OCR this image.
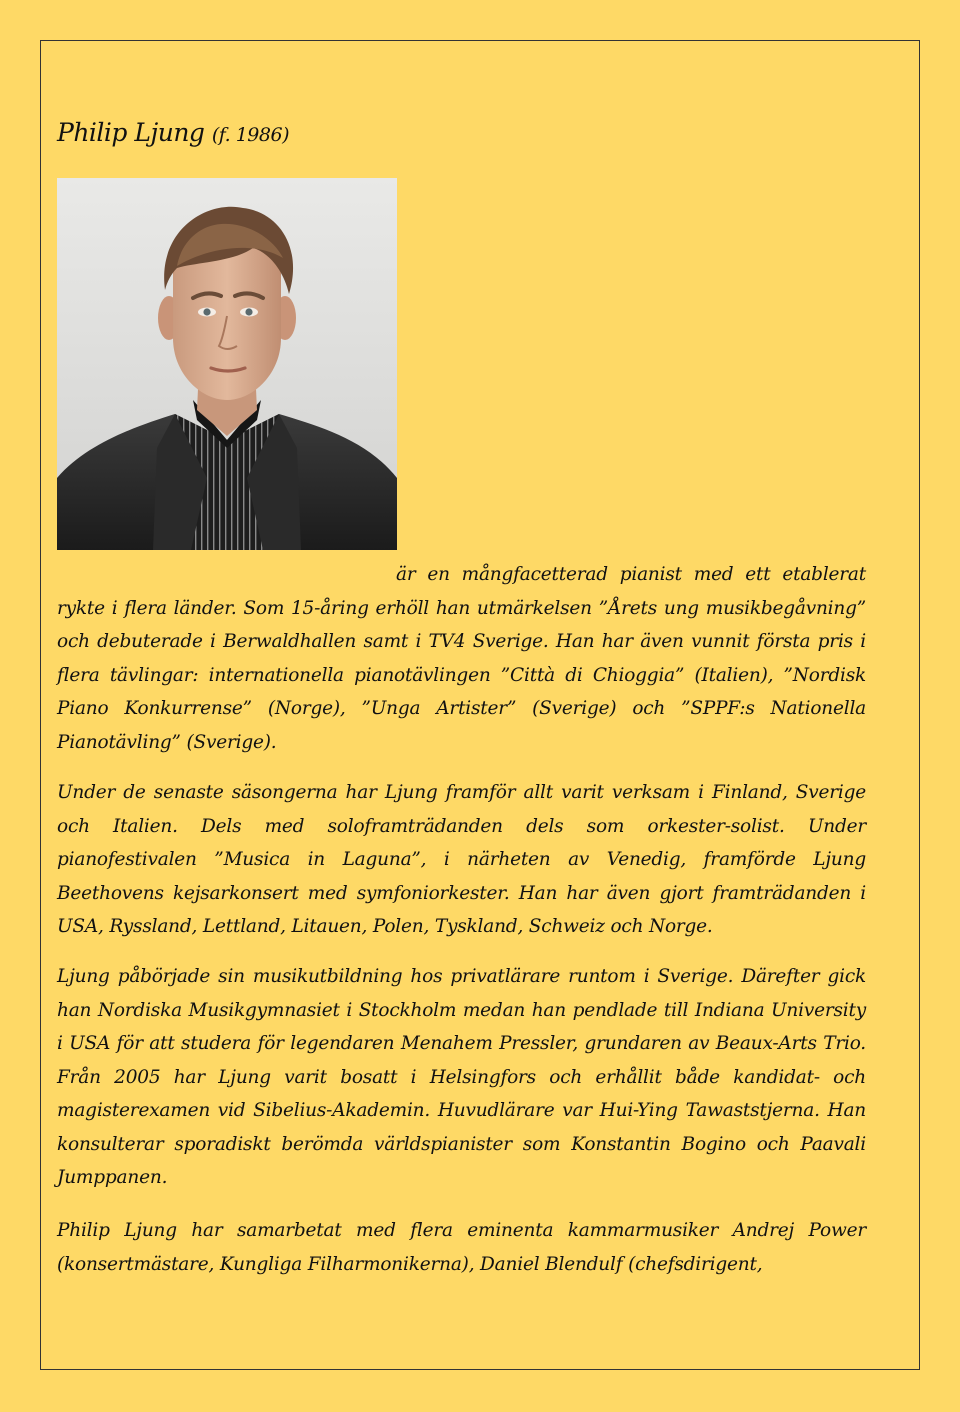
Philip Ljung (f. 1986)

är en mångfacetterad pianist med ett etablerat rykte i flera länder. Som 15-åring erhöll han utmärkelsen ”Årets ung musikbegåvning” och debuterade i Berwaldhallen samt i TV4 Sverige. Han har även vunnit första pris i flera tävlingar: internationella pianotävlingen ”Città di Chioggia” (Italien), ”Nordisk Piano Konkurrense” (Norge), ”Unga Artister” (Sverige) och ”SPPF:s Nationella Pianotävling” (Sverige).

Under de senaste säsongerna har Ljung framför allt varit verksam i Finland, Sverige och Italien. Dels med soloframträdanden dels som orkester-solist. Under pianofestivalen ”Musica in Laguna”, i närheten av Venedig, framförde Ljung Beethovens kejsarkonsert med symfoniorkester. Han har även gjort framträdanden i USA, Ryssland, Lettland, Litauen, Polen, Tyskland, Schweiz och Norge.

Ljung påbörjade sin musikutbildning hos privatlärare runtom i Sverige. Därefter gick han Nordiska Musikgymnasiet i Stockholm medan han pendlade till Indiana University i USA för att studera för legendaren Menahem Pressler, grundaren av Beaux-Arts Trio. Från 2005 har Ljung varit bosatt i Helsingfors och erhållit både kandidat- och magisterexamen vid Sibelius-Akademin. Huvudlärare var Hui-Ying Tawaststjerna. Han konsulterar sporadiskt berömda världspianister som Konstantin Bogino och Paavali Jumppanen.

Philip Ljung har samarbetat med flera eminenta kammarmusiker Andrej Power (konsertmästare, Kungliga Filharmonikerna), Daniel Blendulf (chefsdirigent,
